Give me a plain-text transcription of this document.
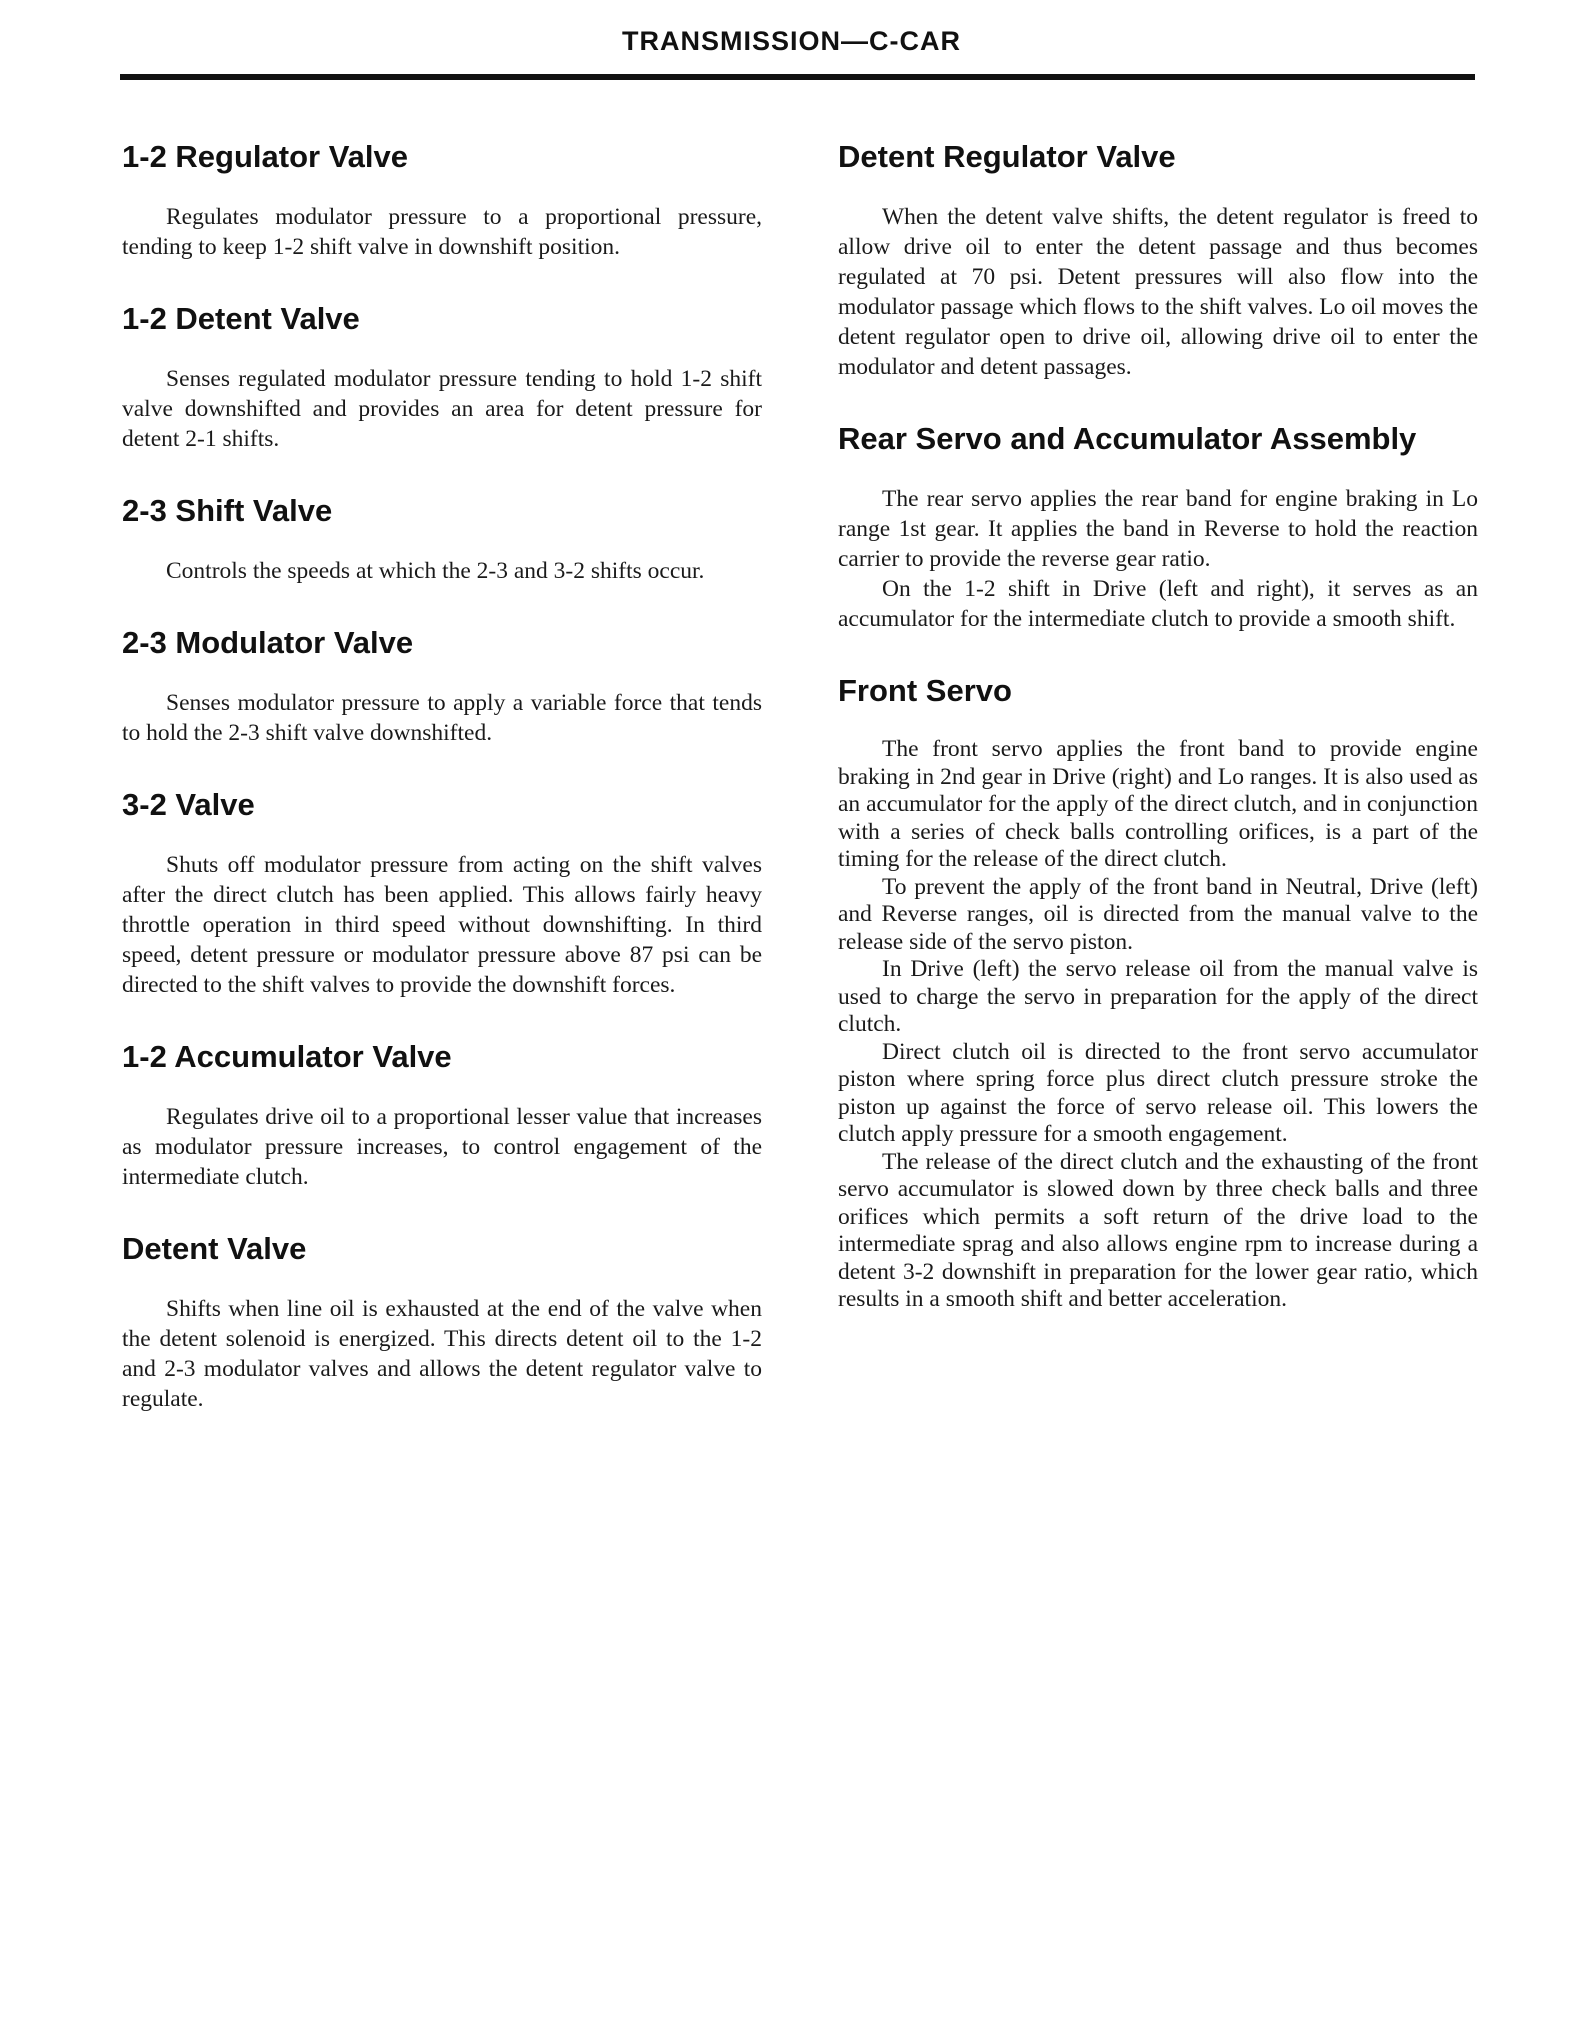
TRANSMISSION—C-CAR
1-2 Regulator Valve

Regulates modulator pressure to a proportional pressure, tending to keep 1-2 shift valve in downshift position.

1-2 Detent Valve

Senses regulated modulator pressure tending to hold 1-2 shift valve downshifted and provides an area for detent pressure for detent 2-1 shifts.

2-3 Shift Valve

Controls the speeds at which the 2-3 and 3-2 shifts occur.

2-3 Modulator Valve

Senses modulator pressure to apply a variable force that tends to hold the 2-3 shift valve downshifted.

3-2 Valve

Shuts off modulator pressure from acting on the shift valves after the direct clutch has been applied. This allows fairly heavy throttle operation in third speed without downshifting. In third speed, detent pressure or modulator pressure above 87 psi can be directed to the shift valves to provide the downshift forces.

1-2 Accumulator Valve

Regulates drive oil to a proportional lesser value that increases as modulator pressure increases, to control engagement of the intermediate clutch.

Detent Valve

Shifts when line oil is exhausted at the end of the valve when the detent solenoid is energized. This directs detent oil to the 1-2 and 2-3 modulator valves and allows the detent regulator valve to regulate.

Detent Regulator Valve

When the detent valve shifts, the detent regulator is freed to allow drive oil to enter the detent passage and thus becomes regulated at 70 psi. Detent pressures will also flow into the modulator passage which flows to the shift valves. Lo oil moves the detent regulator open to drive oil, allowing drive oil to enter the modulator and detent passages.

Rear Servo and Accumulator Assembly

The rear servo applies the rear band for engine braking in Lo range 1st gear. It applies the band in Reverse to hold the reaction carrier to provide the reverse gear ratio.

On the 1-2 shift in Drive (left and right), it serves as an accumulator for the intermediate clutch to provide a smooth shift.

Front Servo

The front servo applies the front band to provide engine braking in 2nd gear in Drive (right) and Lo ranges. It is also used as an accumulator for the apply of the direct clutch, and in conjunction with a series of check balls controlling orifices, is a part of the timing for the release of the direct clutch.

To prevent the apply of the front band in Neutral, Drive (left) and Reverse ranges, oil is directed from the manual valve to the release side of the servo piston.

In Drive (left) the servo release oil from the manual valve is used to charge the servo in preparation for the apply of the direct clutch.

Direct clutch oil is directed to the front servo accumulator piston where spring force plus direct clutch pressure stroke the piston up against the force of servo release oil. This lowers the clutch apply pressure for a smooth engagement.

The release of the direct clutch and the exhausting of the front servo accumulator is slowed down by three check balls and three orifices which permits a soft return of the drive load to the intermediate sprag and also allows engine rpm to increase during a detent 3-2 downshift in preparation for the lower gear ratio, which results in a smooth shift and better acceleration.
